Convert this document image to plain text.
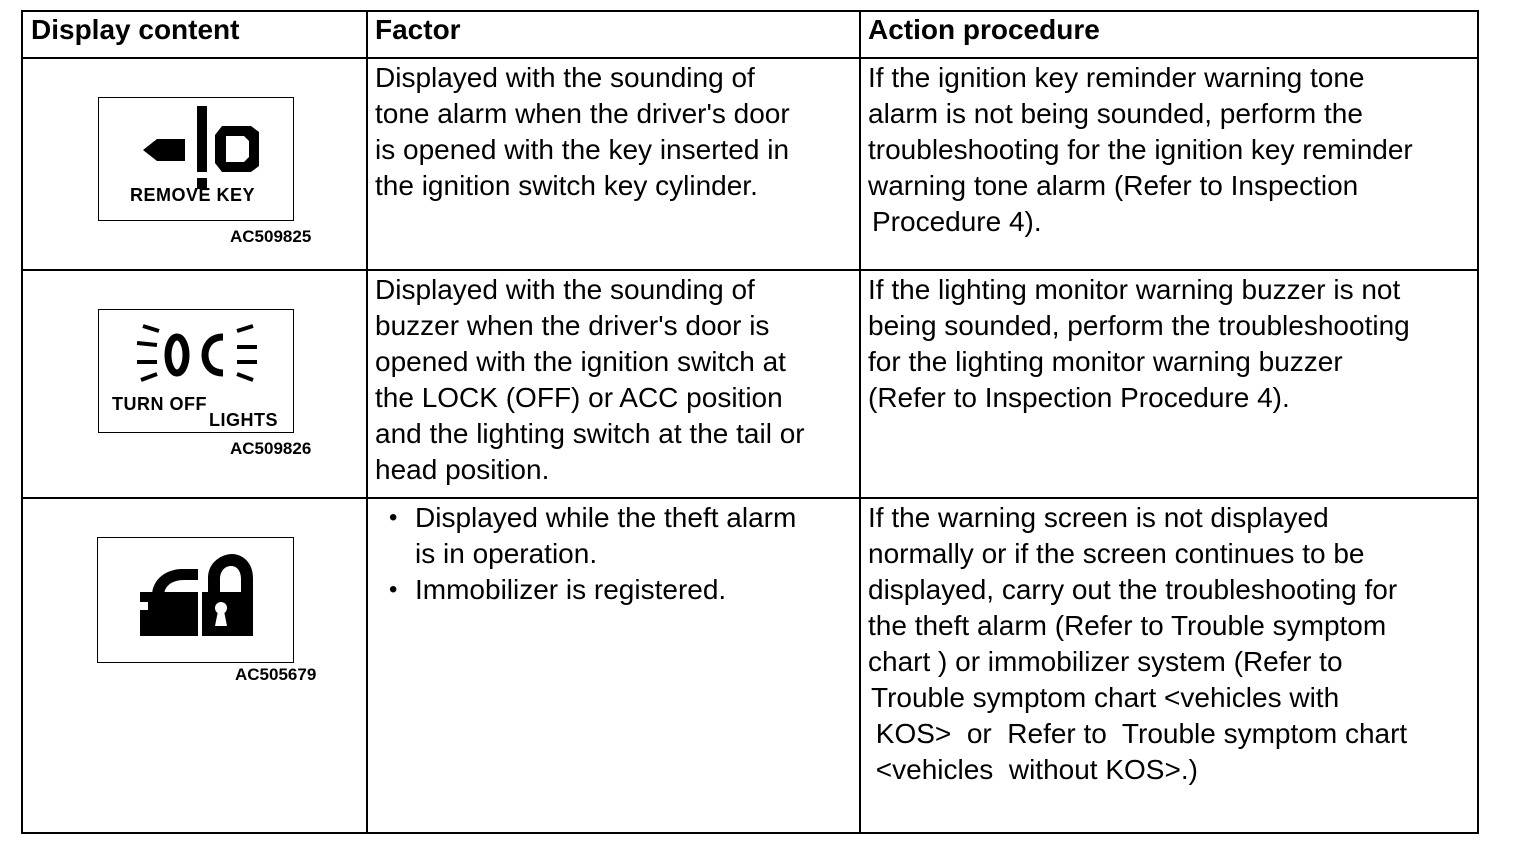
Display content	Factor	Action procedure
REMOVE KEY
AC509825

Displayed with the sounding of

tone alarm when the driver's door

is opened with the key inserted in

the ignition switch key cylinder.

If the ignition key reminder warning tone

alarm is not being sounded, perform the

troubleshooting for the ignition key reminder

warning tone alarm (Refer to Inspection

Procedure 4).

TURN OFF
LIGHTS
AC509826

Displayed with the sounding of

buzzer when the driver's door is

opened with the ignition switch at

the LOCK (OFF) or ACC position

and the lighting switch at the tail or

head position.

If the lighting monitor warning buzzer is not

being sounded, perform the troubleshooting

for the lighting monitor warning buzzer

(Refer to Inspection Procedure 4).

AC505679

• Displayed while the theft alarm

is in operation.

• Immobilizer is registered.

If the warning screen is not displayed

normally or if the screen continues to be

displayed, carry out the troubleshooting for

the theft alarm (Refer to Trouble symptom

chart ) or immobilizer system (Refer to

Trouble symptom chart <vehicles with

KOS>  or  Refer to  Trouble symptom chart

<vehicles  without KOS>.)
